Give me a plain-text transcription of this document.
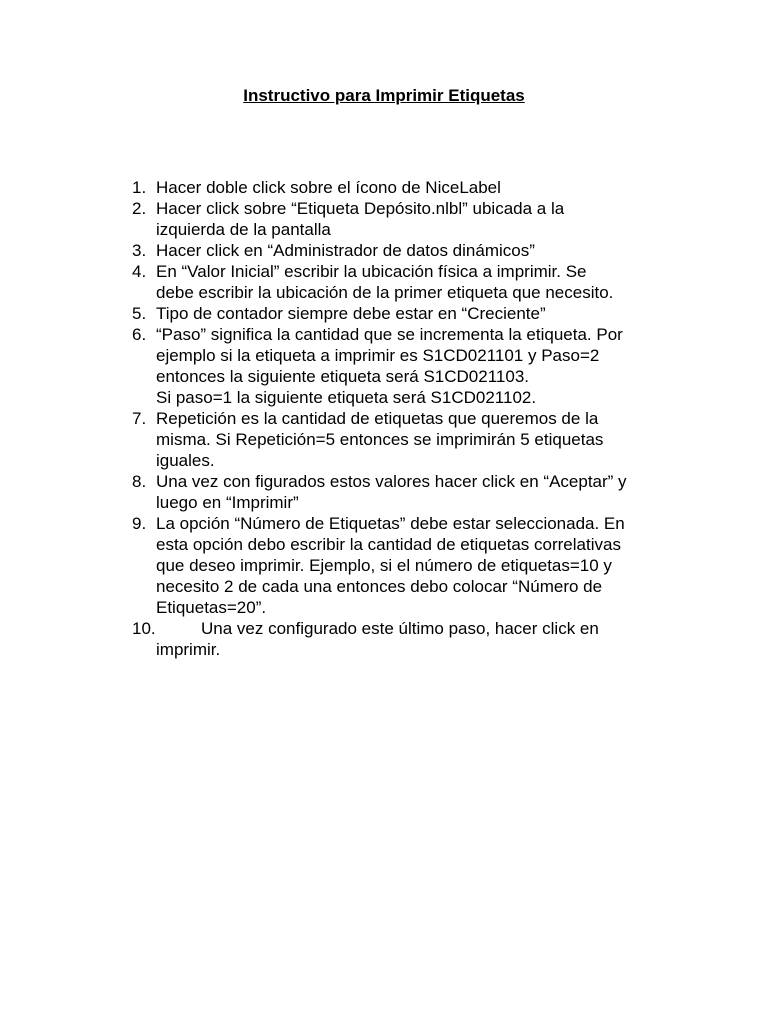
Instructivo para Imprimir Etiquetas
1. Hacer doble click sobre el ícono de NiceLabel
2. Hacer click sobre “Etiqueta Depósito.nlbl” ubicada a la
izquierda de la pantalla
3. Hacer click en “Administrador de datos dinámicos”
4. En “Valor Inicial” escribir la ubicación física a imprimir. Se
debe escribir la ubicación de la primer etiqueta que necesito.
5. Tipo de contador siempre debe estar en “Creciente”
6. “Paso” significa la cantidad que se incrementa la etiqueta. Por
ejemplo si la etiqueta a imprimir es S1CD021101 y Paso=2
entonces la siguiente etiqueta será S1CD021103.
Si paso=1 la siguiente etiqueta será S1CD021102.
7. Repetición es la cantidad de etiquetas que queremos de la
misma. Si Repetición=5 entonces se imprimirán 5 etiquetas
iguales.
8. Una vez con figurados estos valores hacer click en “Aceptar” y
luego en “Imprimir”
9. La opción “Número de Etiquetas” debe estar seleccionada. En
esta opción debo escribir la cantidad de etiquetas correlativas
que deseo imprimir. Ejemplo, si el número de etiquetas=10 y
necesito 2 de cada una entonces debo colocar “Número de
Etiquetas=20”.
10.	Una vez configurado este último paso, hacer click en
imprimir.
